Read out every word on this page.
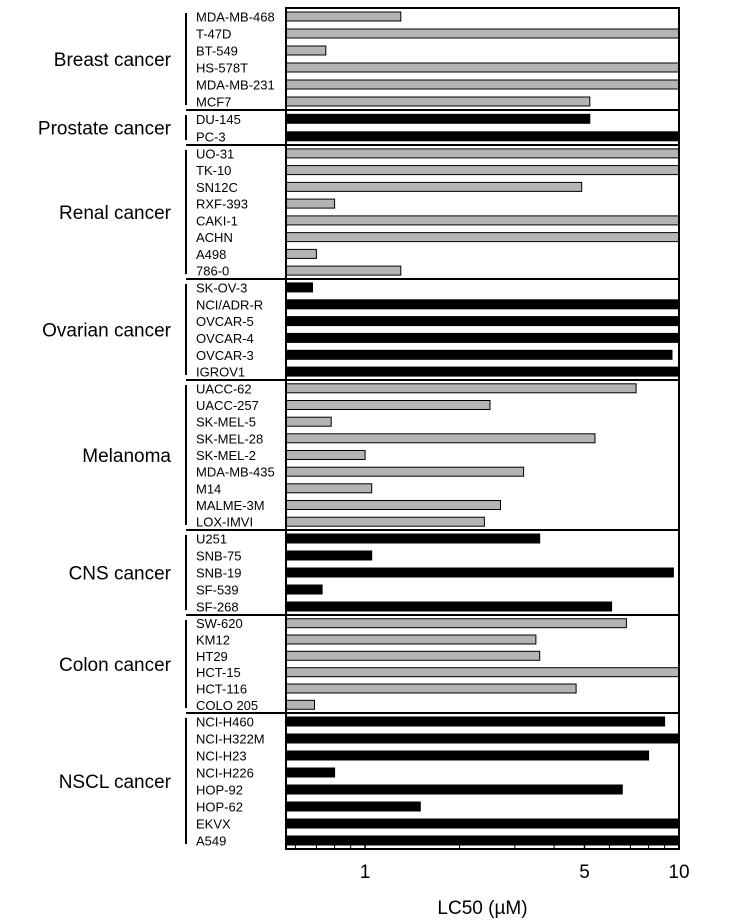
MDA-MB-468
T-47D
BT-549
HS-578T
MDA-MB-231
MCF7
Breast cancer
DU-145
PC-3
Prostate cancer
UO-31
TK-10
SN12C
RXF-393
CAKI-1
ACHN
A498
786-0
Renal cancer
SK-OV-3
NCI/ADR-R
OVCAR-5
OVCAR-4
OVCAR-3
IGROV1
Ovarian cancer
UACC-62
UACC-257
SK-MEL-5
SK-MEL-28
SK-MEL-2
MDA-MB-435
M14
MALME-3M
LOX-IMVI
Melanoma
U251
SNB-75
SNB-19
SF-539
SF-268
CNS cancer
SW-620
KM12
HT29
HCT-15
HCT-116
COLO 205
Colon cancer
NCI-H460
NCI-H322M
NCI-H23
NCI-H226
HOP-92
HOP-62
EKVX
A549
NSCL cancer
1	5	10
LC50 (µM)
